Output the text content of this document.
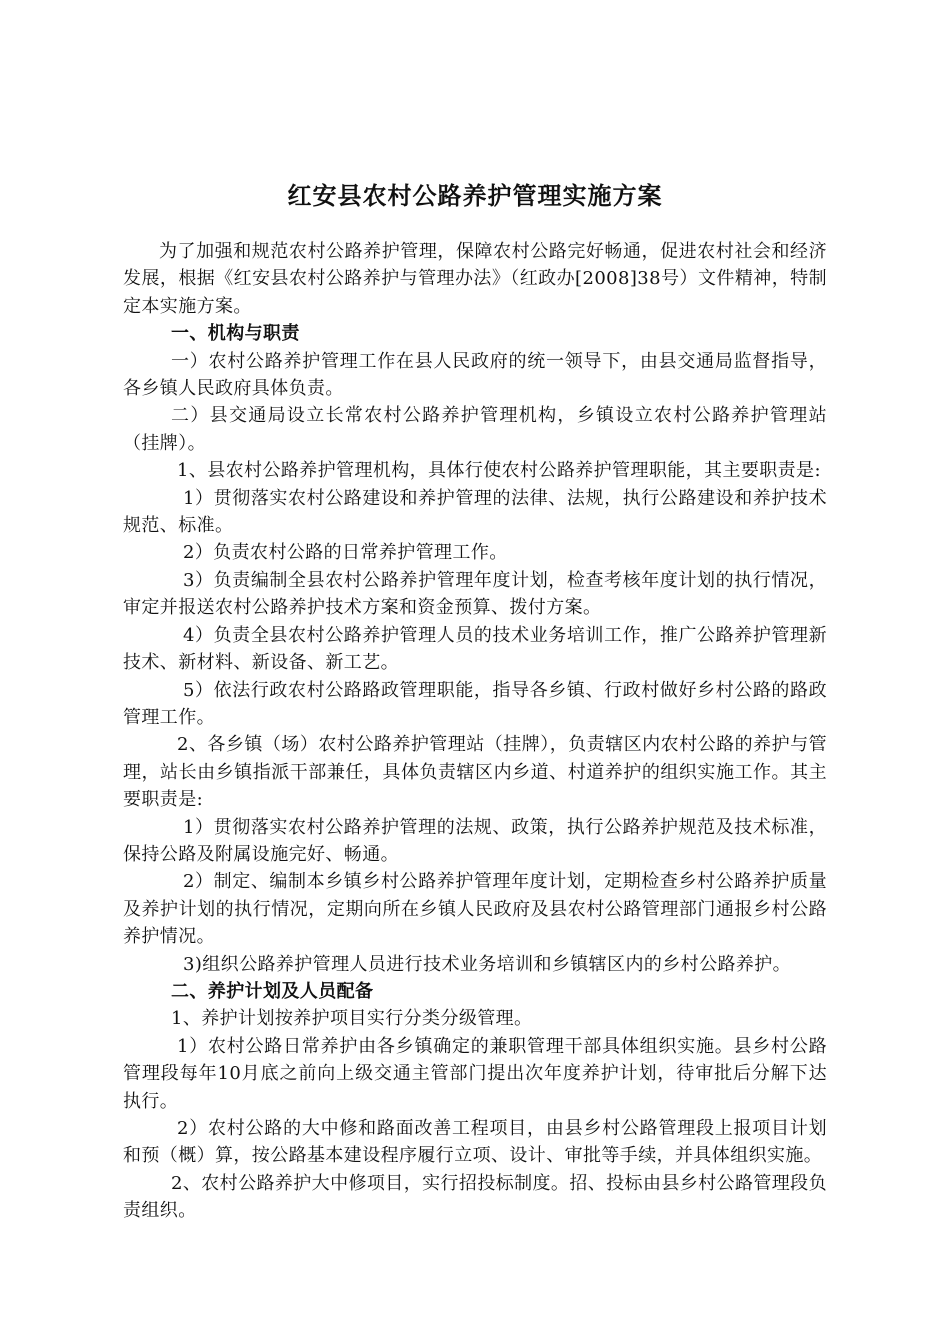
红安县农村公路养护管理实施方案

为了加强和规范农村公路养护管理，保障农村公路完好畅通，促进农村社会和经济发展，根据《红安县农村公路养护与管理办法》（红政办[2008]38号）文件精神，特制定本实施方案。

一、机构与职责

一）农村公路养护管理工作在县人民政府的统一领导下，由县交通局监督指导，各乡镇人民政府具体负责。

二）县交通局设立长常农村公路养护管理机构，乡镇设立农村公路养护管理站（挂牌）。

1、县农村公路养护管理机构，具体行使农村公路养护管理职能，其主要职责是:

1）贯彻落实农村公路建设和养护管理的法律、法规，执行公路建设和养护技术规范、标准。

2）负责农村公路的日常养护管理工作。

3）负责编制全县农村公路养护管理年度计划，检查考核年度计划的执行情况，审定并报送农村公路养护技术方案和资金预算、拨付方案。

4）负责全县农村公路养护管理人员的技术业务培训工作，推广公路养护管理新技术、新材料、新设备、新工艺。

5）依法行政农村公路路政管理职能，指导各乡镇、行政村做好乡村公路的路政管理工作。

2、各乡镇（场）农村公路养护管理站（挂牌），负责辖区内农村公路的养护与管理，站长由乡镇指派干部兼任，具体负责辖区内乡道、村道养护的组织实施工作。其主要职责是:

1）贯彻落实农村公路养护管理的法规、政策，执行公路养护规范及技术标准，保持公路及附属设施完好、畅通。

2）制定、编制本乡镇乡村公路养护管理年度计划，定期检查乡村公路养护质量及养护计划的执行情况，定期向所在乡镇人民政府及县农村公路管理部门通报乡村公路养护情况。

3)组织公路养护管理人员进行技术业务培训和乡镇辖区内的乡村公路养护。

二、养护计划及人员配备

1、养护计划按养护项目实行分类分级管理。

1）农村公路日常养护由各乡镇确定的兼职管理干部具体组织实施。县乡村公路管理段每年10月底之前向上级交通主管部门提出次年度养护计划，待审批后分解下达执行。

2）农村公路的大中修和路面改善工程项目，由县乡村公路管理段上报项目计划和预（概）算，按公路基本建设程序履行立项、设计、审批等手续，并具体组织实施。

2、农村公路养护大中修项目，实行招投标制度。招、投标由县乡村公路管理段负责组织。
